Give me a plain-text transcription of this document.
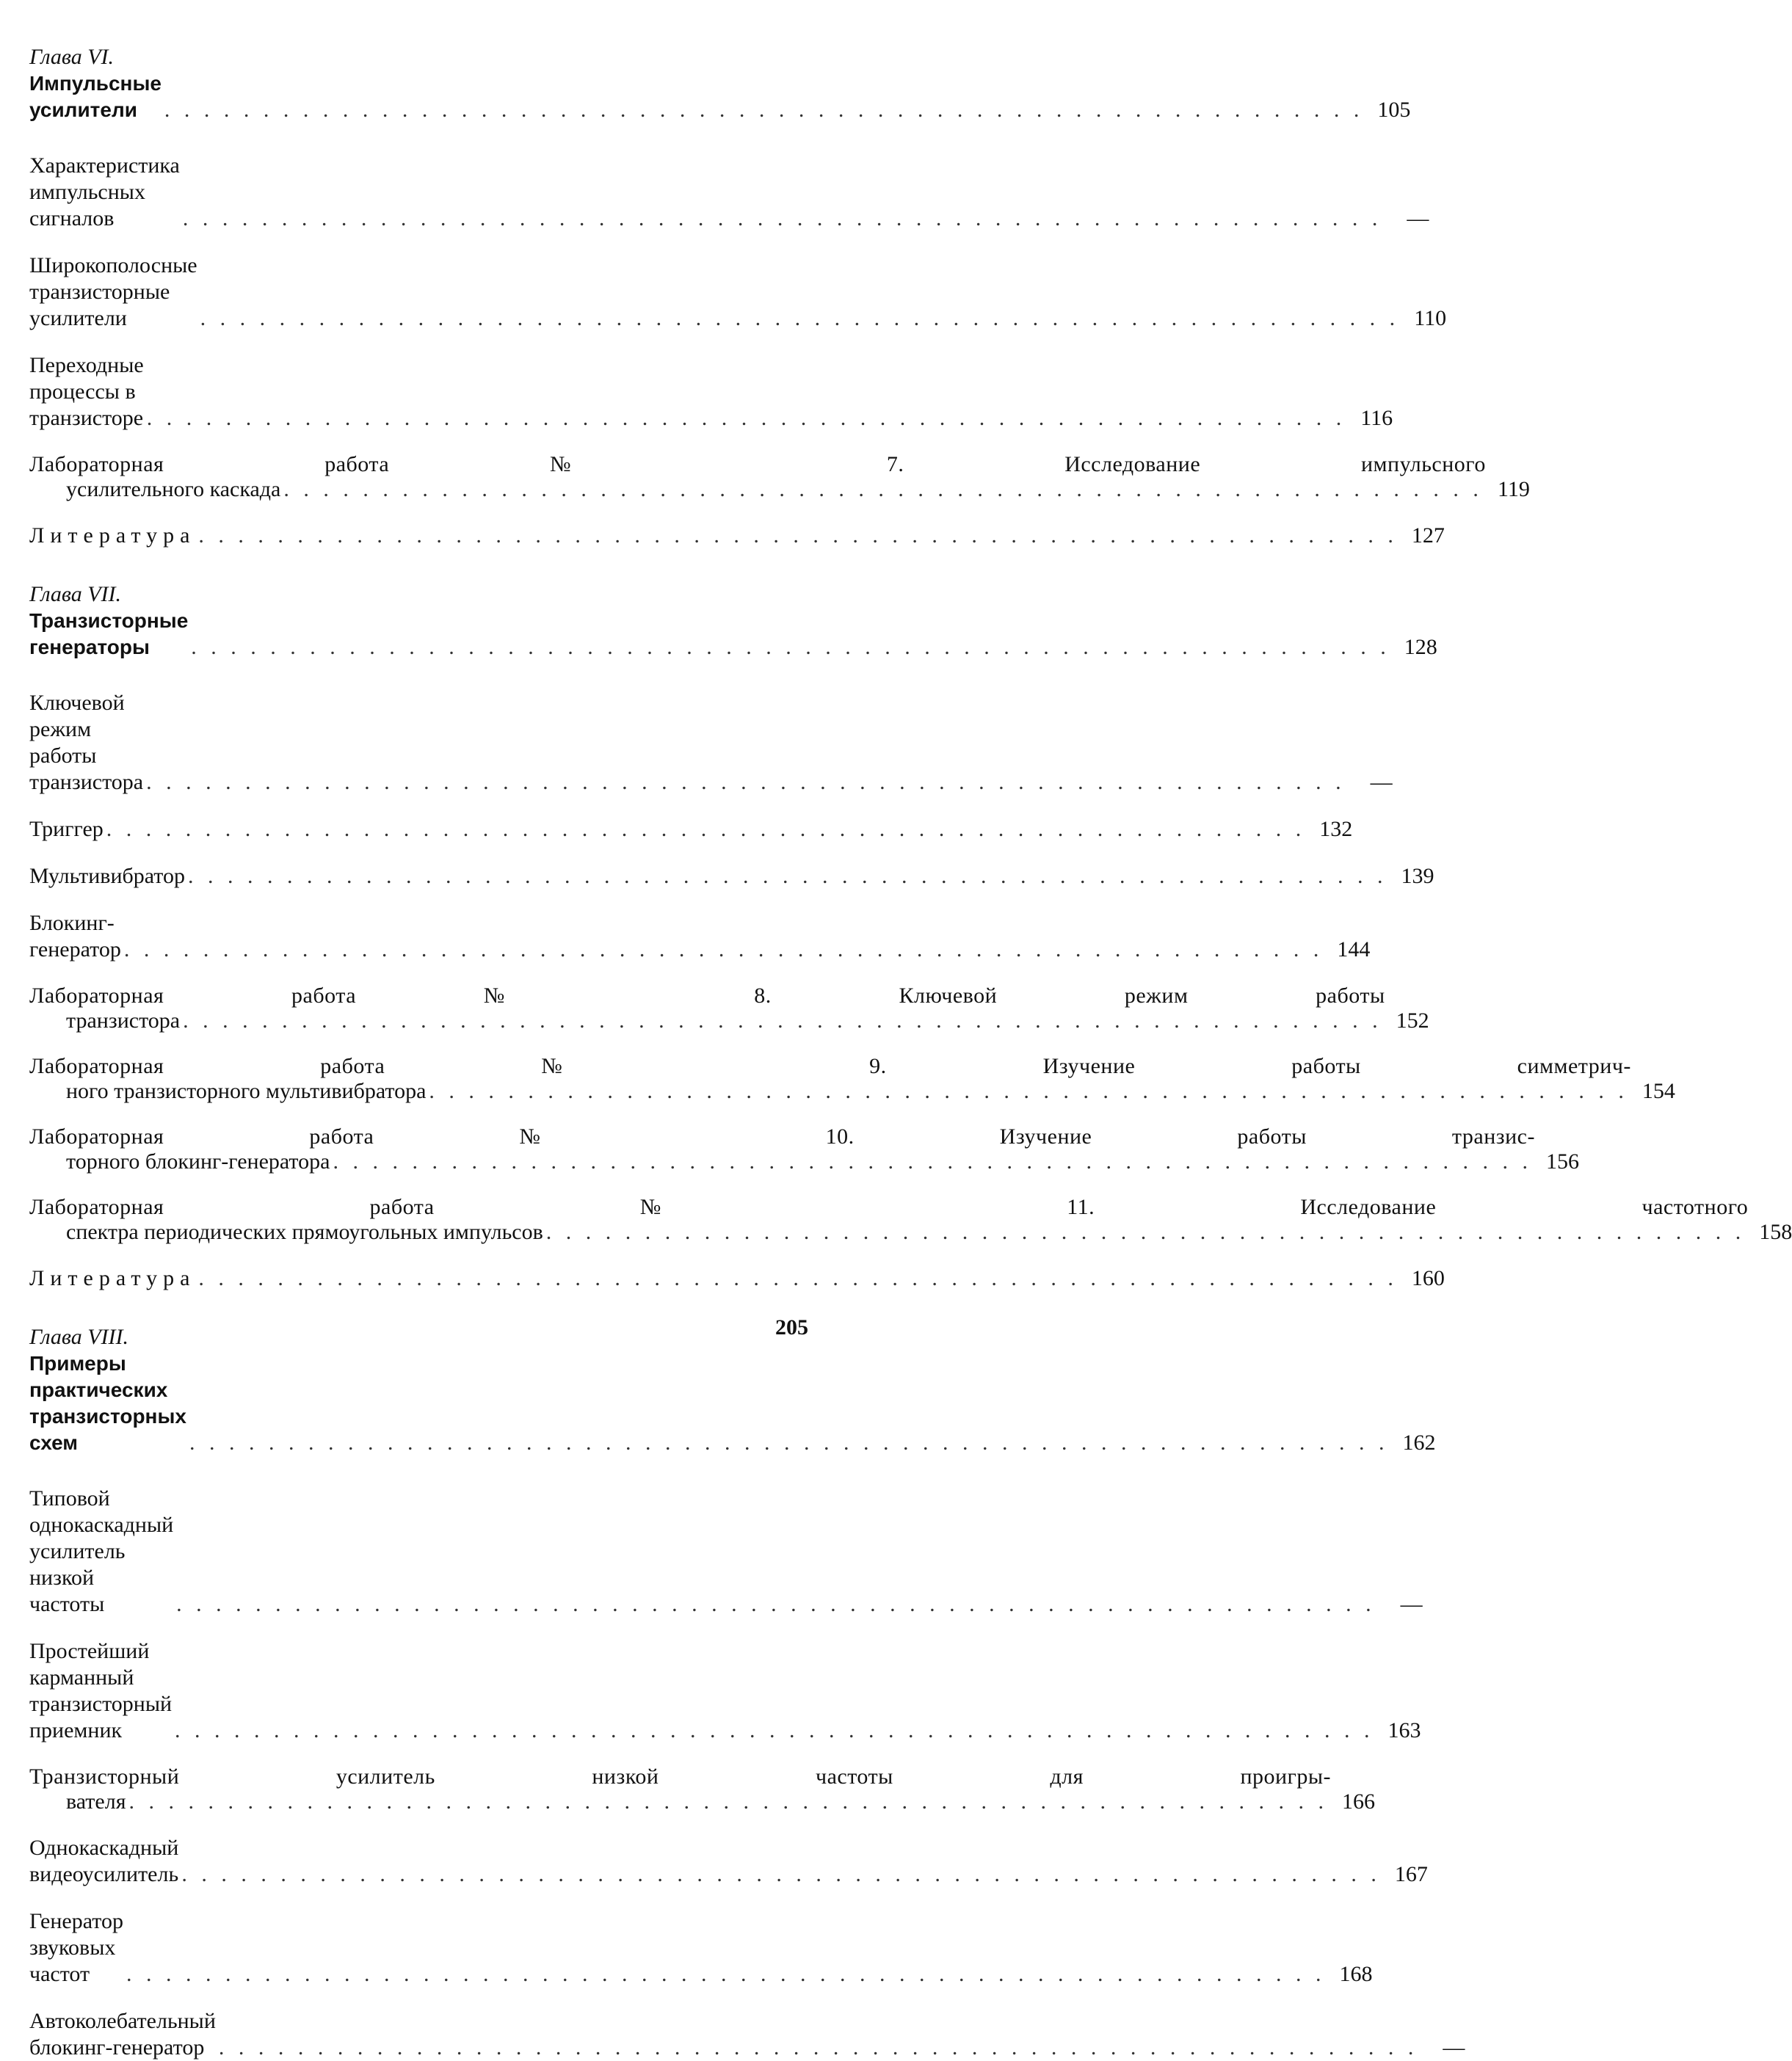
Глава VI. Импульсные усилители . . .	105
Характеристика импульсных сигналов . . .	—
Широкополосные транзисторные усилители . . .	110
Переходные процессы в транзисторе . . .	116
Лабораторная работа № 7. Исследование импульсного
усилительного каскада . . .	119
Литература . . .	127
Глава VII. Транзисторные генераторы . . .	128
Ключевой режим работы транзистора . . .	—
Триггер . . .	132
Мультивибратор . . .	139
Блокинг-генератор . . .	144
Лабораторная работа № 8. Ключевой режим работы
транзистора . . .	152
Лабораторная работа № 9. Изучение работы симметрич-
ного транзисторного мультивибратора . . .	154
Лабораторная работа № 10. Изучение работы транзис-
торного блокинг-генератора . . .	156
Лабораторная работа № 11. Исследование частотного
спектра периодических прямоугольных импульсов . . .	158
Литература . . .	160
Глава VIII. Примеры практических транзисторных схем . . .	162
Типовой однокаскадный усилитель низкой частоты . . .	—
Простейший карманный транзисторный приемник . . .	163
Транзисторный усилитель низкой частоты для проигры-
вателя . . .	166
Однокаскадный видеоусилитель . . .	167
Генератор звуковых частот . . .	168
Автоколебательный блокинг-генератор . . .	—
205
